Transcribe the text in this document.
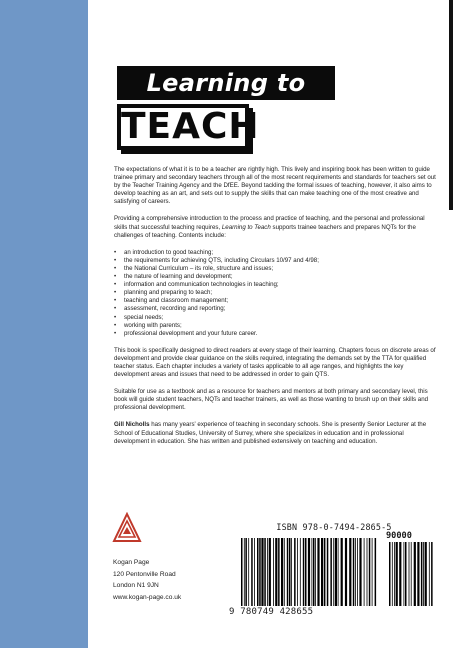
Learning to
TEACH

The expectations of what it is to be a teacher are rightly high. This lively and inspiring book has been written to guide trainee primary and secondary teachers through all of the most recent requirements and standards for teachers set out by the Teacher Training Agency and the DfEE. Beyond tackling the formal issues of teaching, however, it also aims to develop teaching as an art, and sets out to supply the skills that can make teaching one of the most creative and satisfying of careers.

Providing a comprehensive introduction to the process and practice of teaching, and the personal and professional skills that successful teaching requires, Learning to Teach supports trainee teachers and prepares NQTs for the challenges of teaching. Contents include:

• an introduction to good teaching;
• the requirements for achieving QTS, including Circulars 10/97 and 4/98;
• the National Curriculum – its role, structure and issues;
• the nature of learning and development;
• information and communication technologies in teaching;
• planning and preparing to teach;
• teaching and classroom management;
• assessment, recording and reporting;
• special needs;
• working with parents;
• professional development and your future career.

This book is specifically designed to direct readers at every stage of their learning. Chapters focus on discrete areas of development and provide clear guidance on the skills required, integrating the demands set by the TTA for qualified teacher status. Each chapter includes a variety of tasks applicable to all age ranges, and highlights the key development areas and issues that need to be addressed in order to gain QTS.

Suitable for use as a textbook and as a resource for teachers and mentors at both primary and secondary level, this book will guide student teachers, NQTs and teacher trainers, as well as those wanting to brush up on their skills and professional development.

Gill Nicholls has many years' experience of teaching in secondary schools. She is presently Senior Lecturer at the School of Educational Studies, University of Surrey, where she specializes in education and in professional development in education. She has written and published extensively on teaching and education.

Kogan Page
120 Pentonville Road
London N1 9JN
www.kogan-page.co.uk
ISBN 978-0-7494-2865-5
90000
9 780749 428655
